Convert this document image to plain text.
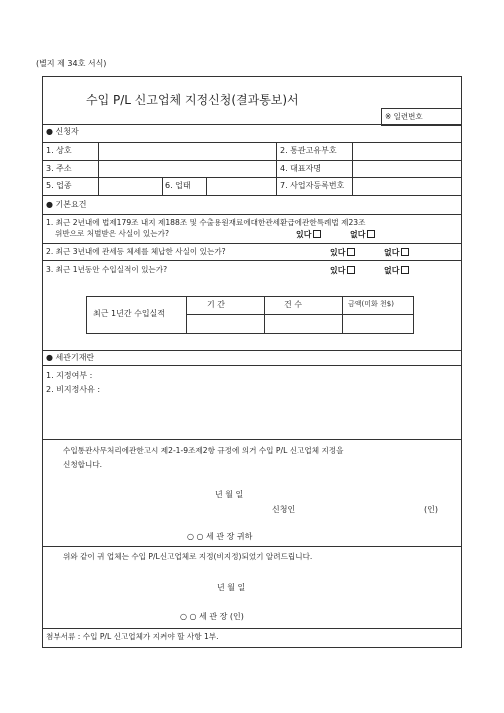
(별지 제 34호 서식)
수입 P/L 신고업체 지정신청(결과통보)서
※ 일련번호
● 신청자
1. 상호	2. 통관고유부호
3. 주소	4. 대표자명
5. 업종	6. 업태	7. 사업자등록번호
● 기본요건
1. 최근 2년내에 법제179조 내지 제188조 및 수출용원재료에대한관세환급에관한특례법 제23조
위반으로 처벌받은 사실이 있는가?	있다	없다
2. 최근 3년내에 관세등 체세를 체납한 사실이 있는가?	있다	없다
3. 최근 1년동안 수입실적이 있는가?	있다	없다
최근 1년간 수입실적
기 간	건 수	금액(미화 천$)
● 세관기재란
1. 지정여부 :
2. 비지정사유 :
수입통관사무처리에관한고시 제2-1-9조제2항 규정에 의거 수입 P/L 신고업체 지정을
신청합니다.
년 월 일
신청인	(인)
○ ○ 세 관 장 귀하
위와 같이 귀 업체는 수입 P/L신고업체로 지정(비지정)되었기 알려드립니다.
년 월 일
○ ○ 세 관 장 (인)
첨부서류 : 수입 P/L 신고업체가 지켜야 할 사항 1부.
